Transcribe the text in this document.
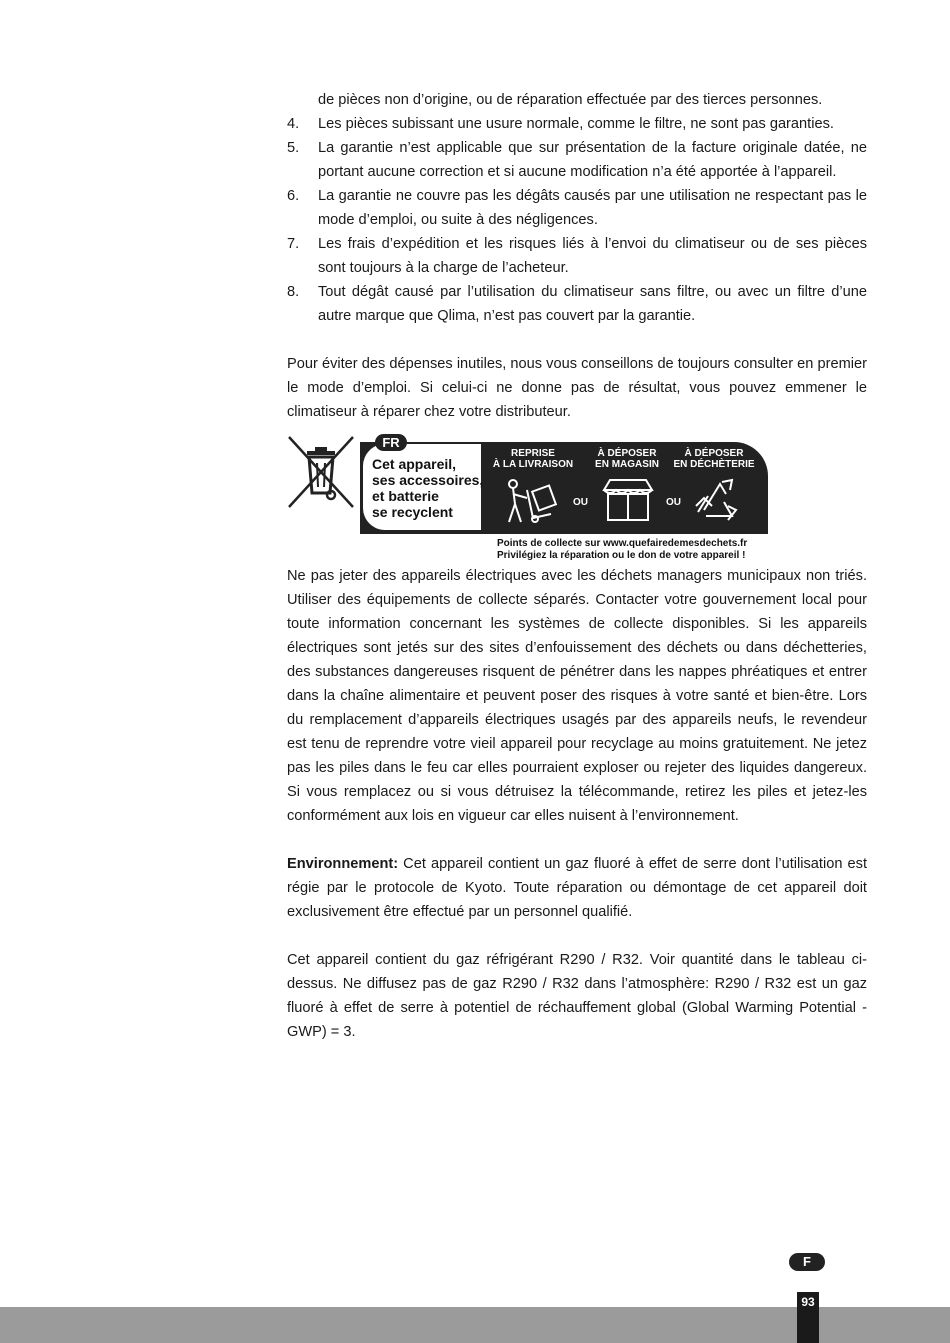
de pièces non d’origine, ou de réparation effectuée par des tierces personnes.
4. Les pièces subissant une usure normale, comme le filtre, ne sont pas garanties.
5. La garantie n’est applicable que sur présentation de la facture originale datée, ne portant aucune correction et si aucune modification n’a été apportée à l’appareil.
6. La garantie ne couvre pas les dégâts causés par une utilisation ne respectant pas le mode d’emploi, ou suite à des négligences.
7. Les frais d’expédition et les risques liés à l’envoi du climatiseur ou de ses pièces sont toujours à la charge de l’acheteur.
8. Tout dégât causé par l’utilisation du climatiseur sans filtre, ou avec un filtre d’une autre marque que Qlima, n’est pas couvert par la garantie.

Pour éviter des dépenses inutiles, nous vous conseillons de toujours consulter en premier le mode d’emploi. Si celui-ci ne donne pas de résultat, vous pouvez emmener le climatiseur à réparer chez votre distributeur.

FR
Cet appareil,
ses accessoires,
et batterie
se recyclent
REPRISE
À LA LIVRAISON
À DÉPOSER
EN MAGASIN
À DÉPOSER
EN DÉCHÈTERIE
OU	OU
Points de collecte sur www.quefairedemesdechets.fr
Privilégiez la réparation ou le don de votre appareil !

Ne pas jeter des appareils électriques avec les déchets managers municipaux non triés. Utiliser des équipements de collecte séparés. Contacter votre gouvernement local pour toute information concernant les systèmes de collecte disponibles. Si les appareils électriques sont jetés sur des sites d’enfouissement des déchets ou dans déchetteries, des substances dangereuses risquent de pénétrer dans les nappes phréatiques et entrer dans la chaîne alimentaire et peuvent poser des risques à votre santé et bien-être. Lors du remplacement d’appareils électriques usagés par des appareils neufs, le revendeur est tenu de reprendre votre vieil appareil pour recyclage au moins gratuitement. Ne jetez pas les piles dans le feu car elles pourraient exploser ou rejeter des liquides dangereux. Si vous remplacez ou si vous détruisez la télécommande, retirez les piles et jetez-les conformément aux lois en vigueur car elles nuisent à l’environnement.

Environnement: Cet appareil contient un gaz fluoré à effet de serre dont l’utilisation est régie par le protocole de Kyoto. Toute réparation ou démontage de cet appareil doit exclusivement être effectué par un personnel qualifié.

Cet appareil contient du gaz réfrigérant R290 / R32. Voir quantité dans le tableau ci-dessus. Ne diffusez pas de gaz R290 / R32 dans l’atmosphère: R290 / R32 est un gaz fluoré à effet de serre à potentiel de réchauffement global (Global Warming Potential - GWP) = 3.

F
93
